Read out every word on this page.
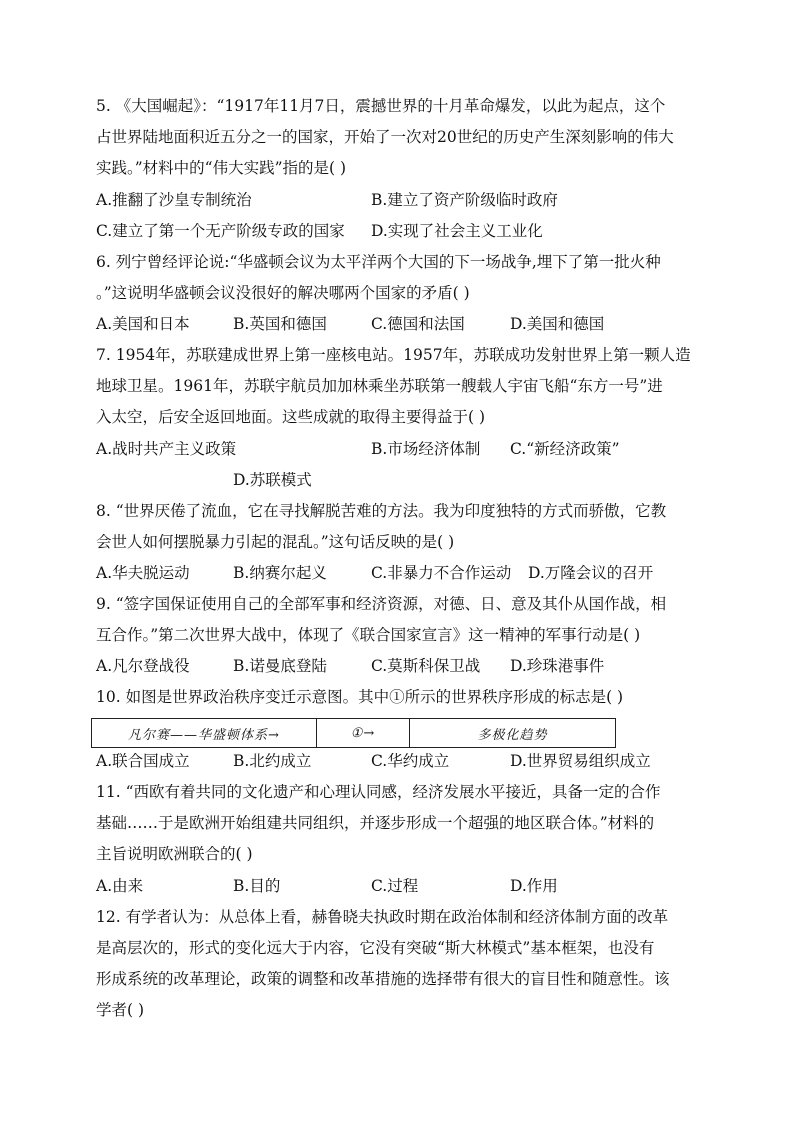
5. 《大国崛起》：“1917年11月7日，震撼世界的十月革命爆发，以此为起点，这个
占世界陆地面积近五分之一的国家，开始了一次对20世纪的历史产生深刻影响的伟大
实践。”材料中的“伟大实践”指的是( )
A.推翻了沙皇专制统治	B.建立了资产阶级临时政府
C.建立了第一个无产阶级专政的国家 D.实现了社会主义工业化
6. 列宁曾经评论说:“华盛顿会议为太平洋两个大国的下一场战争,埋下了第一批火种
。”这说明华盛顿会议没很好的解决哪两个国家的矛盾( )
A.美国和日本	B.英国和德国	C.德国和法国	D.美国和德国
7. 1954年，苏联建成世界上第一座核电站。1957年，苏联成功发射世界上第一颗人造
地球卫星。1961年，苏联宇航员加加林乘坐苏联第一艘载人宇宙飞船“东方一号”进
入太空，后安全返回地面。这些成就的取得主要得益于( )
A.战时共产主义政策	B.市场经济体制 C.“新经济政策”
D.苏联模式
8. “世界厌倦了流血，它在寻找解脱苦难的方法。我为印度独特的方式而骄傲，它教
会世人如何摆脱暴力引起的混乱。”这句话反映的是( )
A.华夫脱运动	B.纳赛尔起义	C.非暴力不合作运动 D.万隆会议的召开
9. “签字国保证使用自己的全部军事和经济资源，对德、日、意及其仆从国作战，相
互合作。”第二次世界大战中，体现了《联合国家宣言》这一精神的军事行动是( )
A.凡尔登战役	B.诺曼底登陆	C.莫斯科保卫战 D.珍珠港事件
10. 如图是世界政治秩序变迁示意图。其中①所示的世界秩序形成的标志是( )
凡尔赛——华盛顿体系→	①→	多极化趋势
A.联合国成立	B.北约成立	C.华约成立	D.世界贸易组织成立
11. “西欧有着共同的文化遗产和心理认同感，经济发展水平接近，具备一定的合作
基础……于是欧洲开始组建共同组织，并逐步形成一个超强的地区联合体。”材料的
主旨说明欧洲联合的( )
A.由来	B.目的	C.过程	D.作用
12. 有学者认为：从总体上看，赫鲁晓夫执政时期在政治体制和经济体制方面的改革
是高层次的，形式的变化远大于内容，它没有突破“斯大林模式”基本框架，也没有
形成系统的改革理论，政策的调整和改革措施的选择带有很大的盲目性和随意性。该
学者( )
